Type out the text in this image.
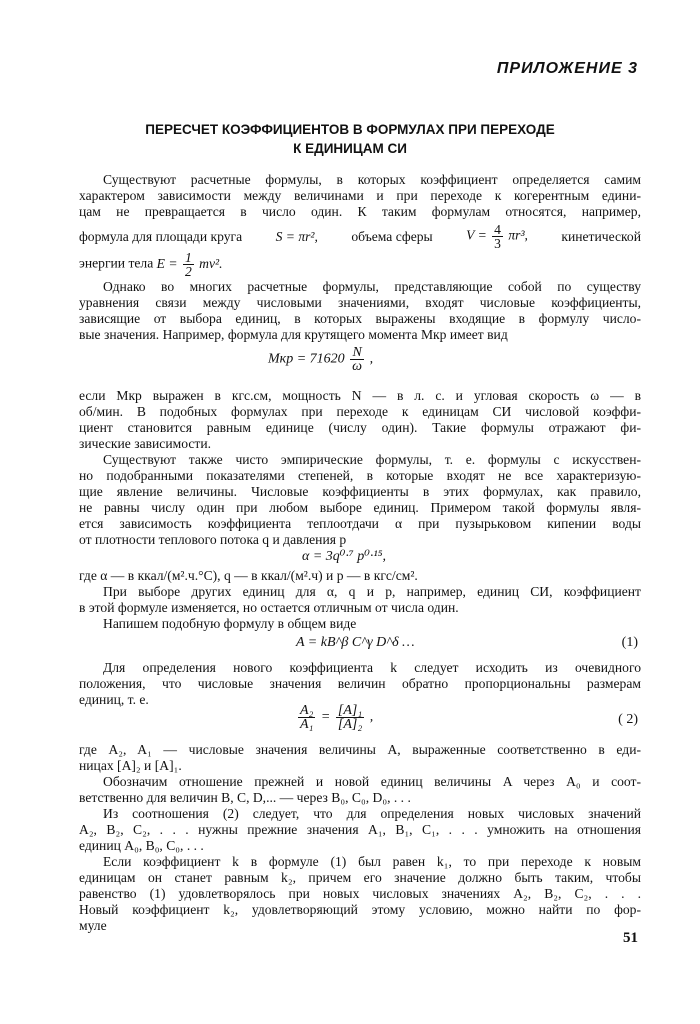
ПРИЛОЖЕНИЕ 3
ПЕРЕСЧЕТ КОЭФФИЦИЕНТОВ В ФОРМУЛАХ ПРИ ПЕРЕХОДЕ
К ЕДИНИЦАМ СИ
Существуют расчетные формулы, в которых коэффициент определяется самим
характером зависимости между величинами и при переходе к когерентным едини-
цам не превращается в число один. К таким формулам относятся, например,
формула для площади круга S = πr², объема сферы $V = \frac{4}{3} \pi r^3$, кинетической
энергии тела $E = \frac{1}{2} mv^2$.
Однако во многих расчетные формулы, представляющие собой по существу
уравнения связи между числовыми значениями, входят числовые коэффициенты,
зависящие от выбора единиц, в которых выражены входящие в формулу число-
вые значения. Например, формула для крутящего момента Mкр имеет вид
Mкр = $71620 \frac{N}{\omega}$ ,
если Mкр выражен в кгс.см, мощность N — в л. с. и угловая скорость ω — в
об/мин. В подобных формулах при переходе к единицам СИ числовой коэффи-
циент становится равным единице (числу один). Такие формулы отражают фи-
зические зависимости.
Существуют также чисто эмпирические формулы, т. е. формулы с искусствен-
но подобранными показателями степеней, в которые входят не все характеризую-
щие явление величины. Числовые коэффициенты в этих формулах, как правило,
не равны числу один при любом выборе единиц. Примером такой формулы явля-
ется зависимость коэффициента теплоотдачи α при пузырьковом кипении воды
от плотности теплового потока q и давления p
α = 3q⁰·⁷ p⁰·¹⁵,
где α — в ккал/(м².ч.°C), q — в ккал/(м².ч) и p — в кгс/см².
При выборе других единиц для α, q и p, например, единиц СИ, коэффициент
в этой формуле изменяется, но остается отличным от числа один.
Напишем подобную формулу в общем виде
A = kB^β C^γ D^δ …	(1)
Для определения нового коэффициента k следует исходить из очевидного
положения, что числовые значения величин обратно пропорциональны размерам
единиц, т. е.
$\frac{\text{A₂}}{\text{A₁}} = \frac{\text{[A]₁}}{\text{[A]₂}}$ ,	( 2)
где A₂, A₁ — числовые значения величины A, выраженные соответственно в еди-
ницах [A]₂ и [A]₁.
Обозначим отношение прежней и новой единиц величины A через A₀ и соот-
ветственно для величин B, C, D,... — через B₀, C₀, D₀, . . .
Из соотношения (2) следует, что для определения новых числовых значений
A₂, B₂, C₂, . . . нужны прежние значения A₁, B₁, C₁, . . . умножить на отношения
единиц A₀, B₀, C₀, . . .
Если коэффициент k в формуле (1) был равен k₁, то при переходе к новым
единицам он станет равным k₂, причем его значение должно быть таким, чтобы
равенство (1) удовлетворялось при новых числовых значениях A₂, B₂, C₂, . . .
Новый коэффициент k₂, удовлетворяющий этому условию, можно найти по фор-
муле
51
